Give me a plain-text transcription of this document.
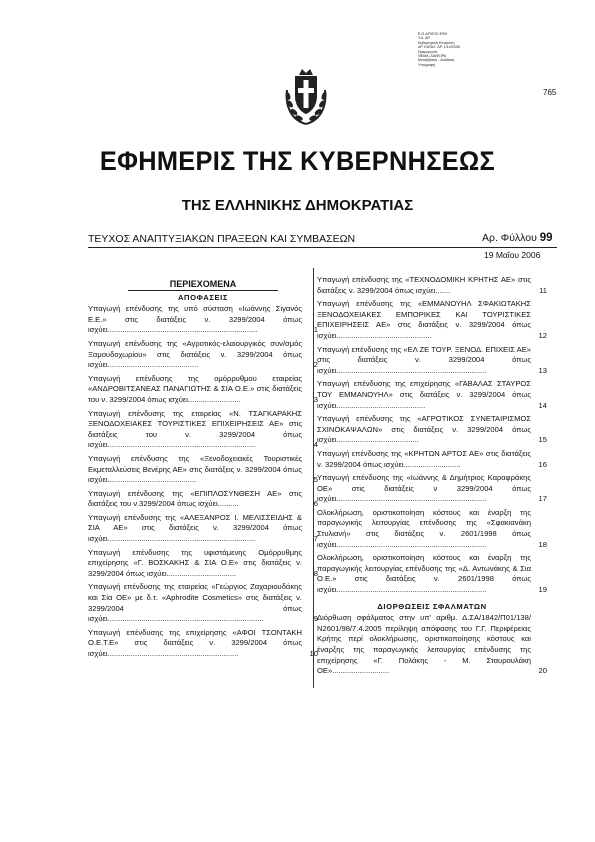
Ε.Θ.ΑΡΧΕΙΟ ΕΦΚ
Υ.Α. ΑΡ.
Κυβερνητική Επιτροπή
ΑΡ. ΚΑΤΑΧ. ΑΡ. 1/10/2006
Ημερομηνία
ΘΕΜΑ: ΔΙΑΦΟΡΑ
Μεταβίβαση - Ανάθεση
Υπογραφή
765
ΕΦΗΜΕΡΙΣ ΤΗΣ ΚΥΒΕΡΝΗΣΕΩΣ
ΤΗΣ ΕΛΛΗΝΙΚΗΣ ΔΗΜΟΚΡΑΤΙΑΣ
ΤΕΥΧΟΣ ΑΝΑΠΤΥΞΙΑΚΩΝ ΠΡΑΞΕΩΝ ΚΑΙ ΣΥΜΒΑΣΕΩΝ	Αρ. Φύλλου 99
19 Μαΐου 2006
ΠΕΡΙΕΧΟΜΕΝΑ
ΑΠΟΦΑΣΕΙΣ
Υπαγωγή επένδυσης της υπό σύσταση «Ιωάννης Σιγανός Ε.Ε.» στις διατάξεις ν. 3299/2004 όπως ισχύει.......................................................................	1
Υπαγωγή επένδυσης της «Αγροτικός-ελαιουργικός συν/σμός Ξαμουδοχωρίου» στις διατάξεις ν. 3299/2004 όπως ισχύει...........................................	2
Υπαγωγή επένδυσης της ομόρρυθμου εταιρείας «ΑΝΔΡΟΒΙΤΣΑΝΕΑΣ ΠΑΝΑΓΙΩΤΗΣ & ΣΙΑ Ο.Ε.» στις διατάξεις του ν. 3299/2004 όπως ισχύει.........................	3
Υπαγωγή επένδυσης της εταιρείας «Ν. ΤΣΑΓΚΑΡΑΚΗΣ ΞΕΝΟΔΟΧΕΙΑΚΕΣ ΤΟΥΡΙΣΤΙΚΕΣ ΕΠΙΧΕΙΡΗΣΕΙΣ ΑΕ» στις διατάξεις του ν. 3299/2004 όπως ισχύει......................................................................	4
Υπαγωγή επένδυσης της «Ξενοδοχειακές Τουριστικές Εκμεταλλεύσεις Βενέρης ΑΕ» στις διατάξεις ν. 3299/2004 όπως ισχύει..........................................	5
Υπαγωγή επένδυσης της «ΕΠΙΠΛΟΣΥΝΘΕΣΗ ΑΕ» στις διατάξεις του ν.3299/2004 όπως ισχύει..........	6
Υπαγωγή επένδυσης της «ΑΛΕΞΑΝΡΟΣ Ι. ΜΕΛΙΣΣΕΙΔΗΣ & ΣΙΑ ΑΕ» στις διατάξεις ν. 3299/2004 όπως ισχύει......................................................................	7
Υπαγωγή επένδυσης της υφιστάμενης Ομόρρυθμης επιχείρησης «Γ. ΒΟΣΚΑΚΗΣ & ΣΙΑ Ο.Ε» στις διατάξεις ν. 3299/2004 όπως ισχύει.................................	8
Υπαγωγή επένδυσης της εταιρείας «Γεώργιος Ζαχαριουδάκης και Σία ΟΕ» με δ.τ. «Aphrodite Cosmetics» στις διατάξεις ν. 3299/2004 όπως ισχύει..........................................................................	9
Υπαγωγή επένδυσης της επιχείρησης «ΑΦΟΙ ΤΣΟΝΤΑΚΗ Ο.Ε.Τ.Ε» στις διατάξεις ν. 3299/2004 όπως ισχύει..............................................................	10
Υπαγωγή επένδυσης της «ΤΕΧΝΟΔΟΜΙΚΗ ΚΡΗΤΗΣ ΑΕ» στις διατάξεις ν. 3299/2004 όπως ισχύει.......	11
Υπαγωγή επένδυσης της «ΕΜΜΑΝΟΥΗΛ ΣΦΑΚΙΩΤΑΚΗΣ ΞΕΝΟΔΟΧΕΙΑΚΕΣ ΕΜΠΟΡΙΚΕΣ ΚΑΙ ΤΟΥΡΙΣΤΙΚΕΣ ΕΠΙΧΕΙΡΗΣΕΙΣ ΑΕ» στις διατάξεις ν. 3299/2004 όπως ισχύει.............................................	12
Υπαγωγή επένδυσης της «ΕΛ ΖΕ ΤΟΥΡ. ΞΕΝΟΔ. ΕΠΙΧΕΙΣ ΑΕ» στις διατάξεις ν. 3299/2004 όπως ισχύει.......................................................................	13
Υπαγωγή επένδυσης της επιχείρησης «ΓΑΒΑΛΑΣ ΣΤΑΥΡΟΣ ΤΟΥ ΕΜΜΑΝΟΥΗΛ» στις διατάξεις ν. 3299/2004 όπως ισχύει..........................................	14
Υπαγωγή επένδυσης της «ΑΓΡΟΤΙΚΟΣ ΣΥΝΕΤΑΙΡΙΣΜΟΣ ΣΧΙΝΟΚΑΨΑΛΩΝ» στις διατάξεις ν. 3299/2004 όπως ισχύει.......................................	15
Υπαγωγή επένδυσης της «ΚΡΗΤΩΝ ΑΡΤΟΣ ΑΕ» στις διατάξεις ν. 3299/2004 όπως ισχύει...........................	16
Υπαγωγή επένδυσης της «Ιωάννης & Δημήτριος Καραφράκης ΟΕ» στις διατάξεις ν 3299/2004 όπως ισχύει.......................................................................	17
Ολοκλήρωση, οριστικοποίηση κόστους και έναρξη της παραγωγικής λειτουργίας επένδυσης της «Σφακιανάκη Στυλιανή» στις διατάξεις ν. 2601/1998 όπως ισχύει.......................................................................	18
Ολοκλήρωση, οριστικοποίηση κόστους και έναρξη της παραγωγικής λειτουργίας επένδυσης της «Δ. Αντωνάκης & Σια Ο.Ε.» στις διατάξεις ν. 2601/1998 όπως ισχύει.......................................................................	19
ΔΙΟΡΘΩΣΕΙΣ ΣΦΑΛΜΑΤΩΝ
Διόρθωση σφάλματος στην υπ' αριθμ. Δ.ΣΑ/1842/Π01/138/Ν2601/98/7.4.2005 περίληψη απόφασης του Γ.Γ. Περιφέρειας Κρήτης περί ολοκλήρωσης, οριστικοποίησης κόστους και έναρξης της παραγωγικής λειτουργίας επένδυσης της επιχείρησης «Γ. Πολάκης - Μ. Σταυρουλάκη ΟΕ»...........................	20
